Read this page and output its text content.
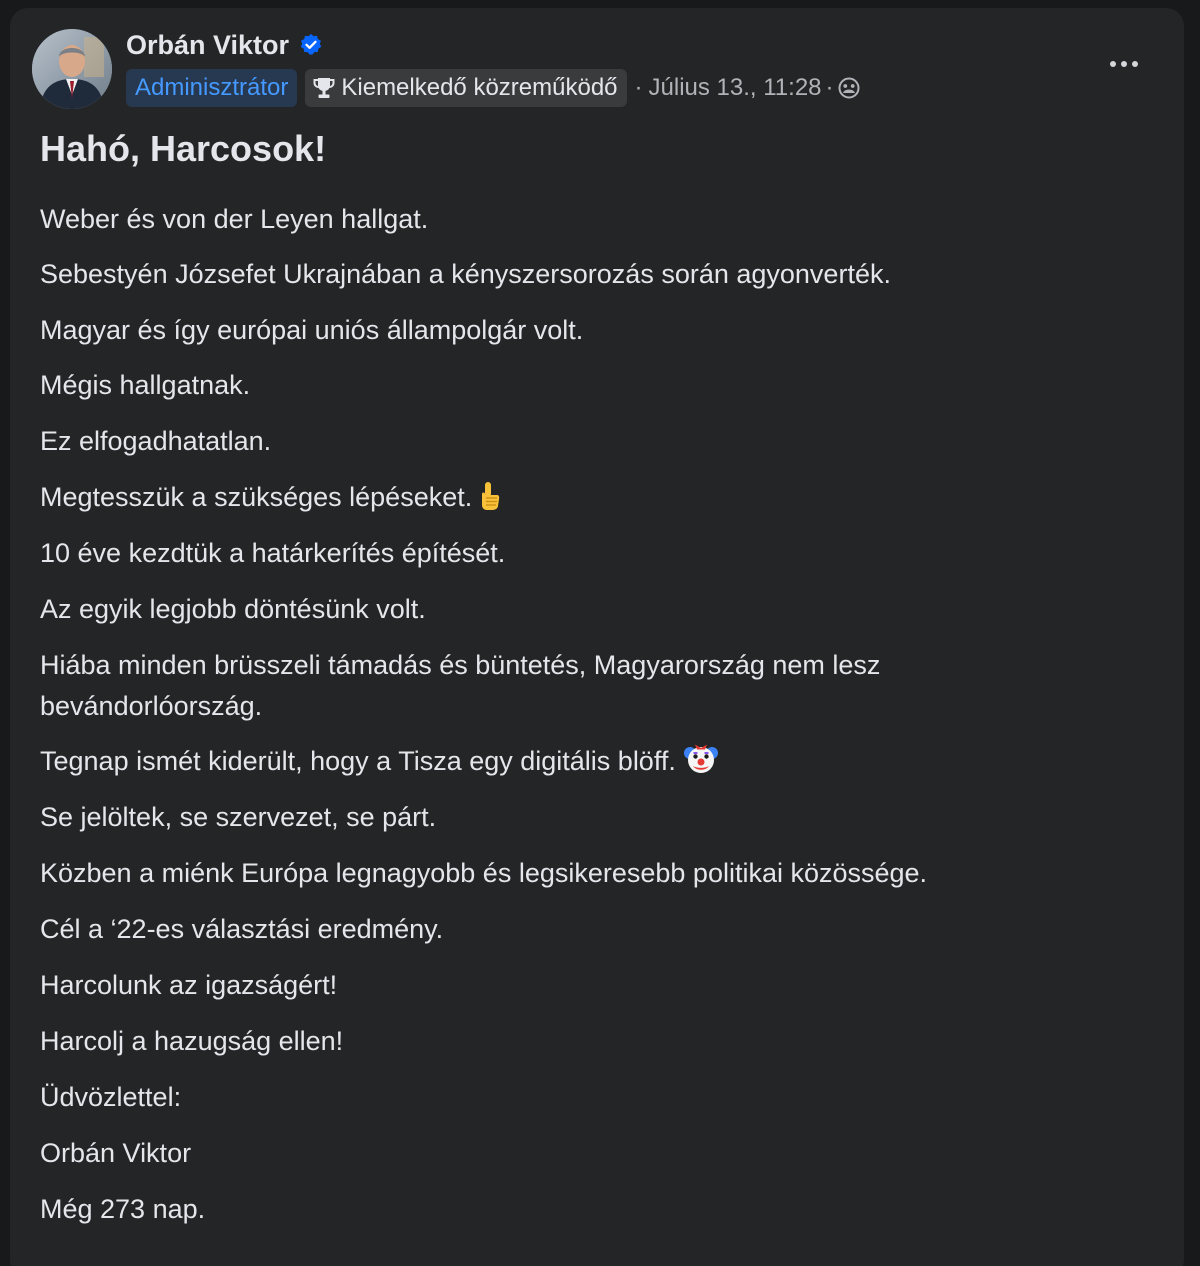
Orbán Viktor
Adminisztrátor	Kiemelkedő közreműködő · Július 13., 11:28 ·
Hahó, Harcosok!
Weber és von der Leyen hallgat.
Sebestyén Józsefet Ukrajnában a kényszersorozás során agyonverték.
Magyar és így európai uniós állampolgár volt.
Mégis hallgatnak.
Ez elfogadhatatlan.
Megtesszük a szükséges lépéseket.
10 éve kezdtük a határkerítés építését.
Az egyik legjobb döntésünk volt.
Hiába minden brüsszeli támadás és büntetés, Magyarország nem lesz
bevándorlóország.
Tegnap ismét kiderült, hogy a Tisza egy digitális blöff.
Se jelöltek, se szervezet, se párt.
Közben a miénk Európa legnagyobb és legsikeresebb politikai közössége.
Cél a ‘22-es választási eredmény.
Harcolunk az igazságért!
Harcolj a hazugság ellen!
Üdvözlettel:
Orbán Viktor
Még 273 nap.
